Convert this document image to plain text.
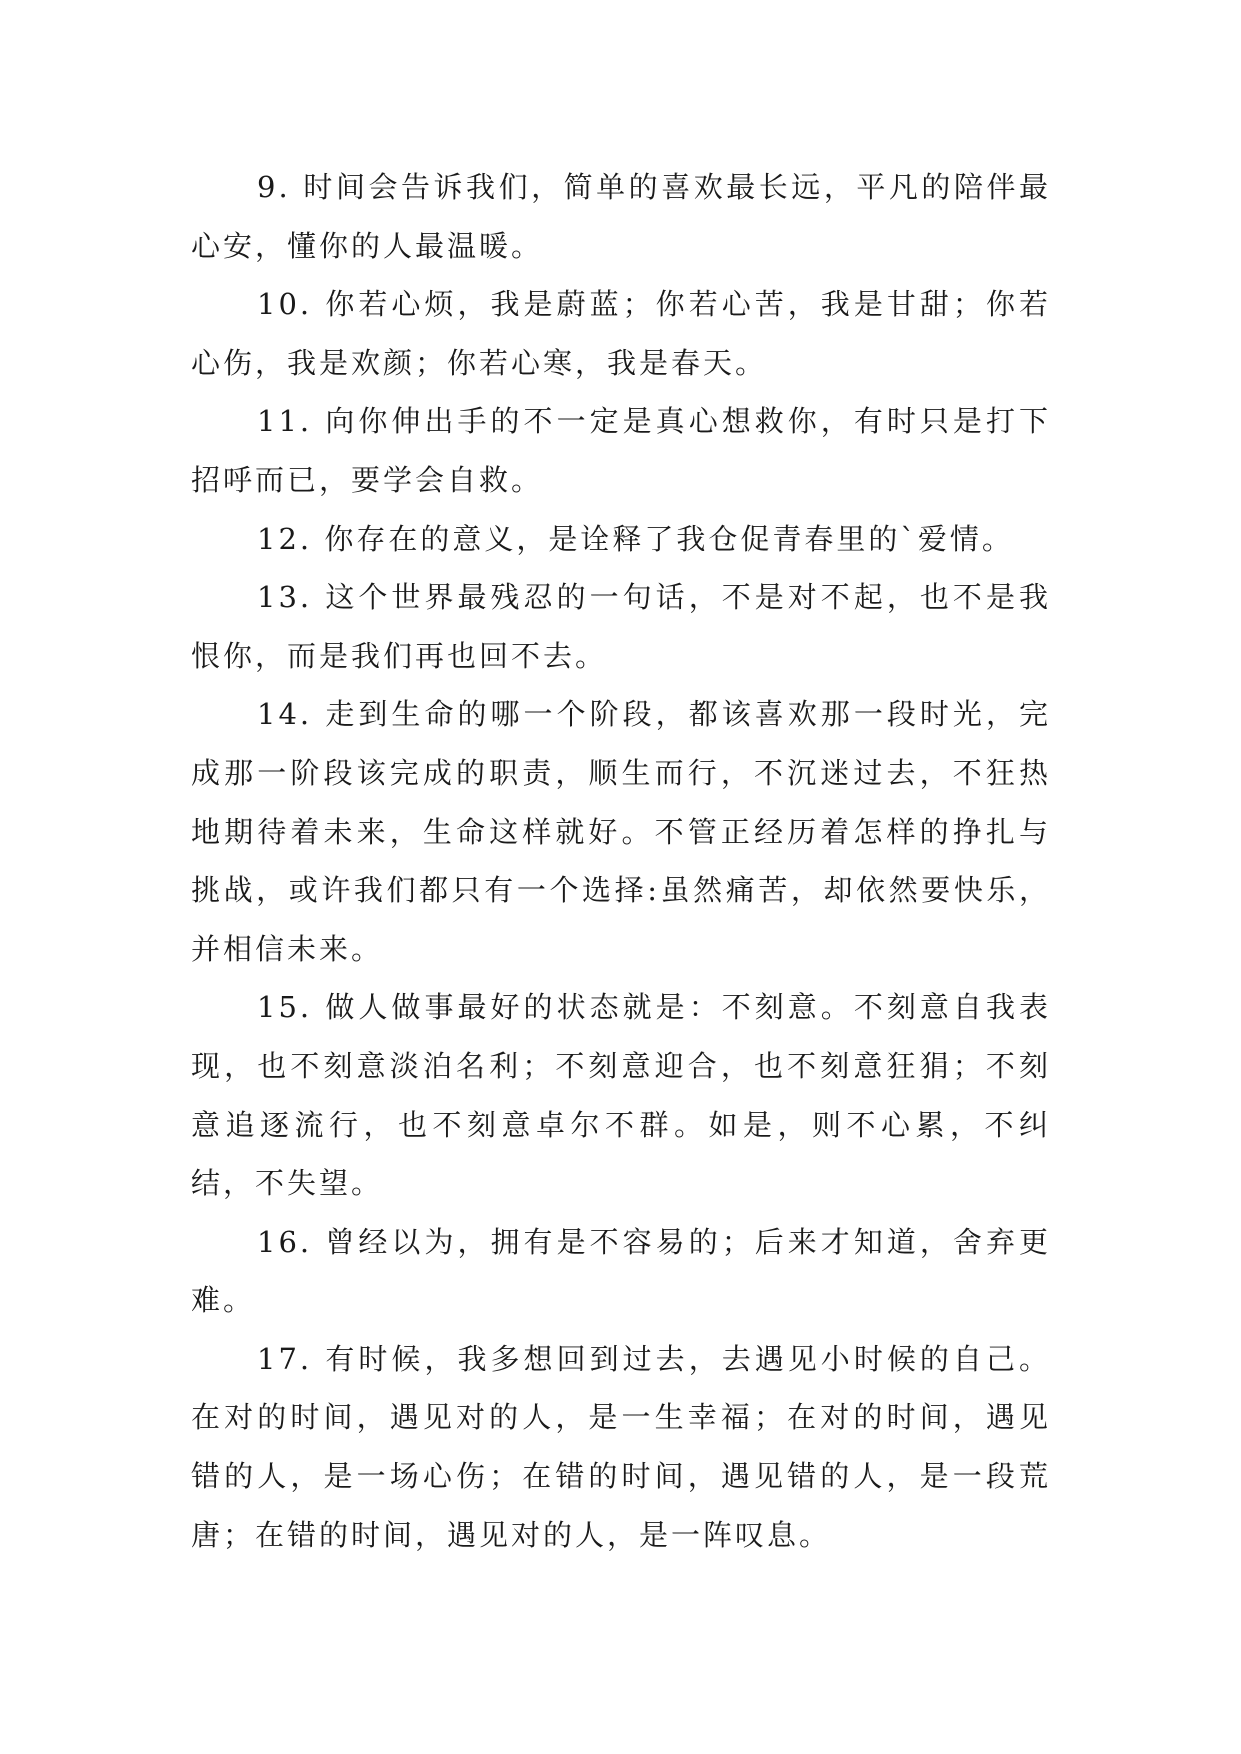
9. 时间会告诉我们，简单的喜欢最长远，平凡的陪伴最心安，懂你的人最温暖。

10. 你若心烦，我是蔚蓝；你若心苦，我是甘甜；你若心伤，我是欢颜；你若心寒，我是春天。

11. 向你伸出手的不一定是真心想救你，有时只是打下招呼而已，要学会自救。

12. 你存在的意义，是诠释了我仓促青春里的`爱情。

13. 这个世界最残忍的一句话，不是对不起，也不是我恨你，而是我们再也回不去。

14. 走到生命的哪一个阶段，都该喜欢那一段时光，完成那一阶段该完成的职责，顺生而行，不沉迷过去，不狂热地期待着未来，生命这样就好。不管正经历着怎样的挣扎与挑战，或许我们都只有一个选择:虽然痛苦，却依然要快乐，并相信未来。

15. 做人做事最好的状态就是：不刻意。不刻意自我表现，也不刻意淡泊名利；不刻意迎合，也不刻意狂狷；不刻意追逐流行，也不刻意卓尔不群。如是，则不心累，不纠结，不失望。

16. 曾经以为，拥有是不容易的；后来才知道，舍弃更难。

17. 有时候，我多想回到过去，去遇见小时候的自己。在对的时间，遇见对的人，是一生幸福；在对的时间，遇见错的人，是一场心伤；在错的时间，遇见错的人，是一段荒唐；在错的时间，遇见对的人，是一阵叹息。
